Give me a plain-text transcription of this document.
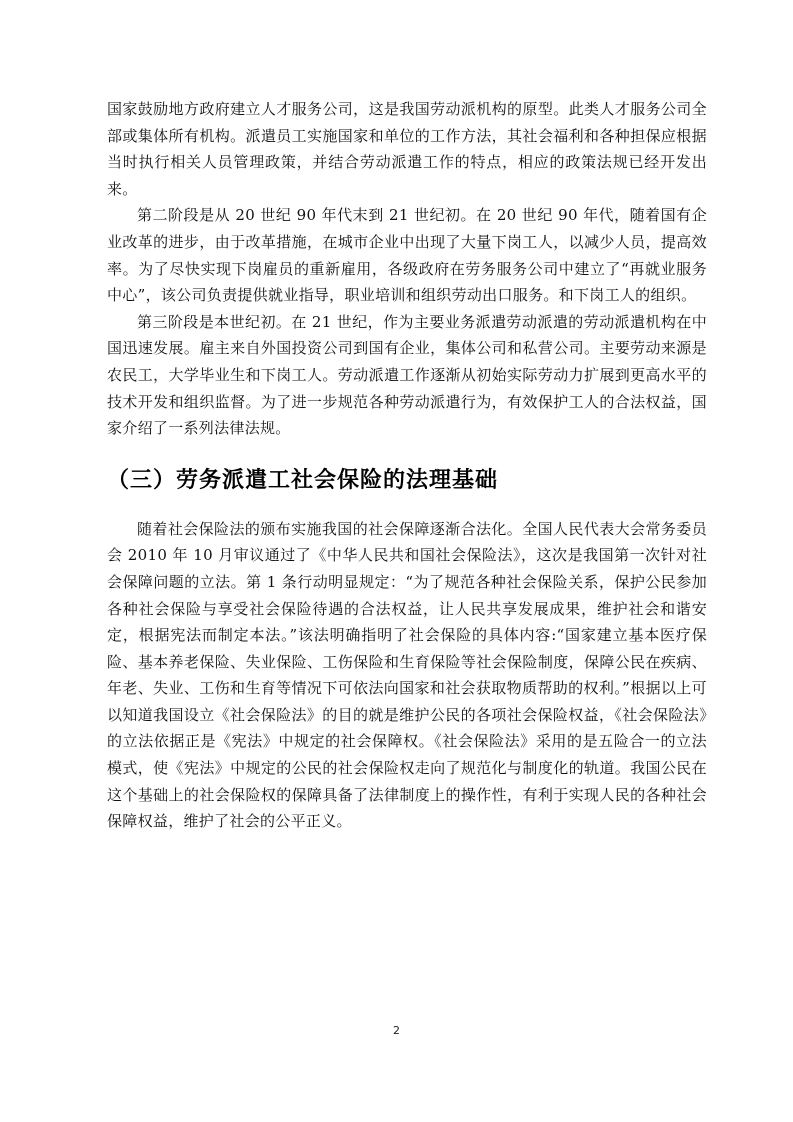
国家鼓励地方政府建立人才服务公司，这是我国劳动派机构的原型。此类人才服务公司全部或集体所有机构。派遣员工实施国家和单位的工作方法，其社会福利和各种担保应根据当时执行相关人员管理政策，并结合劳动派遣工作的特点，相应的政策法规已经开发出来。

第二阶段是从 20 世纪 90 年代末到 21 世纪初。在 20 世纪 90 年代，随着国有企业改革的进步，由于改革措施，在城市企业中出现了大量下岗工人，以减少人员，提高效率。为了尽快实现下岗雇员的重新雇用，各级政府在劳务服务公司中建立了“再就业服务中心”，该公司负责提供就业指导，职业培训和组织劳动出口服务。和下岗工人的组织。

第三阶段是本世纪初。在 21 世纪，作为主要业务派遣劳动派遣的劳动派遣机构在中国迅速发展。雇主来自外国投资公司到国有企业，集体公司和私营公司。主要劳动来源是农民工，大学毕业生和下岗工人。劳动派遣工作逐渐从初始实际劳动力扩展到更高水平的技术开发和组织监督。为了进一步规范各种劳动派遣行为，有效保护工人的合法权益，国家介绍了一系列法律法规。

（三）劳务派遣工社会保险的法理基础

随着社会保险法的颁布实施我国的社会保障逐渐合法化。全国人民代表大会常务委员会 2010 年 10 月审议通过了《中华人民共和国社会保险法》，这次是我国第一次针对社会保障问题的立法。第 1 条行动明显规定：“为了规范各种社会保险关系，保护公民参加各种社会保险与享受社会保险待遇的合法权益，让人民共享发展成果，维护社会和谐安定，根据宪法而制定本法。”该法明确指明了社会保险的具体内容:“国家建立基本医疗保险、基本养老保险、失业保险、工伤保险和生育保险等社会保险制度，保障公民在疾病、年老、失业、工伤和生育等情况下可依法向国家和社会获取物质帮助的权利。”根据以上可以知道我国设立《社会保险法》的目的就是维护公民的各项社会保险权益，《社会保险法》的立法依据正是《宪法》中规定的社会保障权。《社会保险法》采用的是五险合一的立法模式，使《宪法》中规定的公民的社会保险权走向了规范化与制度化的轨道。我国公民在这个基础上的社会保险权的保障具备了法律制度上的操作性，有利于实现人民的各种社会保障权益，维护了社会的公平正义。

2
